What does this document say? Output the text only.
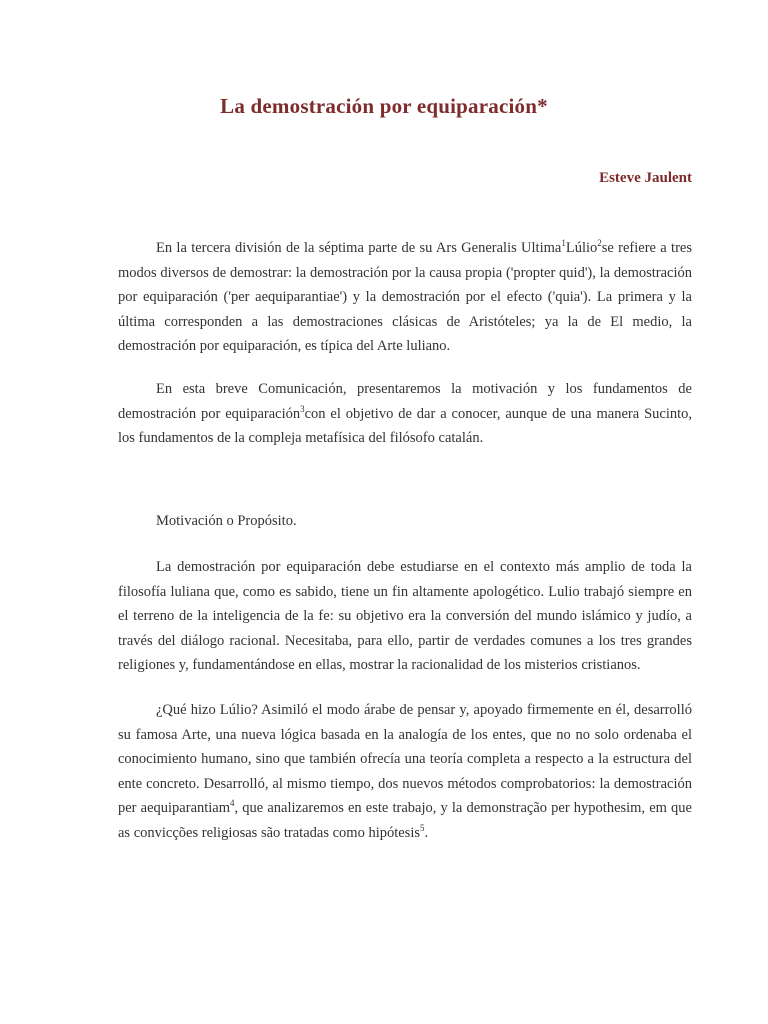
La demostración por equiparación*

Esteve Jaulent

En la tercera división de la séptima parte de su Ars Generalis Ultima$^1$Lúlio$^2$se refiere a tres modos diversos de demostrar: la demostración por la causa propia ('propter quid'), la demostración por equiparación ('per aequiparantiae') y la demostración por el efecto ('quia'). La primera y la última corresponden a las demostraciones clásicas de Aristóteles; ya la de El medio, la demostración por equiparación, es típica del Arte luliano.

En esta breve Comunicación, presentaremos la motivación y los fundamentos de demostración por equiparación$^3$con el objetivo de dar a conocer, aunque de una manera Sucinto, los fundamentos de la compleja metafísica del filósofo catalán.

Motivación o Propósito.

La demostración por equiparación debe estudiarse en el contexto más amplio de toda la filosofía luliana que, como es sabido, tiene un fin altamente apologético. Lulio trabajó siempre en el terreno de la inteligencia de la fe: su objetivo era la conversión del mundo islámico y judío, a través del diálogo racional. Necesitaba, para ello, partir de verdades comunes a los tres grandes religiones y, fundamentándose en ellas, mostrar la racionalidad de los misterios cristianos.

¿Qué hizo Lúlio? Asimiló el modo árabe de pensar y, apoyado firmemente en él, desarrolló su famosa Arte, una nueva lógica basada en la analogía de los entes, que no no solo ordenaba el conocimiento humano, sino que también ofrecía una teoría completa a respecto a la estructura del ente concreto. Desarrolló, al mismo tiempo, dos nuevos métodos comprobatorios: la demostración per aequiparantiam$^4$, que analizaremos en este trabajo, y la demonstração per hypothesim, em que as convicções religiosas são tratadas como hipótesis$^5$.
